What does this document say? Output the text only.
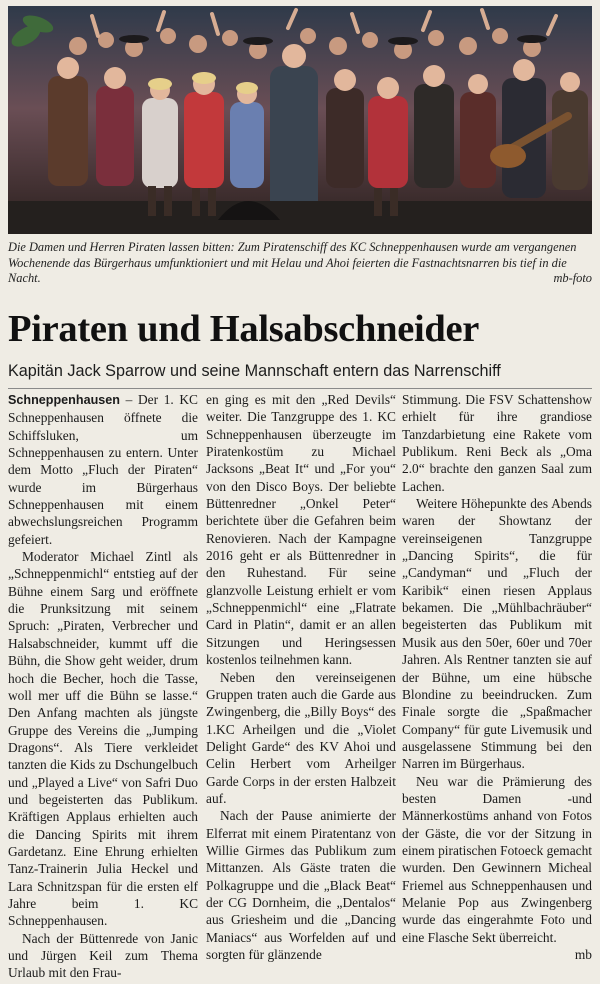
Die Damen und Herren Piraten lassen bitten: Zum Piratenschiff des KC Schneppenhausen wurde am vergangenen Wochenende das Bürgerhaus umfunktioniert und mit Helau und Ahoi feierten die Fastnachtsnarren bis tief in die Nacht.	mb-foto
Piraten und Halsabschneider
Kapitän Jack Sparrow und seine Mannschaft entern das Narrenschiff

Schneppenhausen – Der 1. KC Schneppenhausen öffnete die Schiffsluken, um Schneppenhausen zu entern. Unter dem Motto „Fluch der Piraten“ wurde im Bürgerhaus Schneppenhausen mit einem abwechslungsreichen Programm gefeiert.

Moderator Michael Zintl als „Schneppenmichl“ entstieg auf der Bühne einem Sarg und eröffnete die Prunksitzung mit seinem Spruch: „Piraten, Verbrecher und Halsabschneider, kummt uff die Bühn, die Show geht weider, drum hoch die Becher, hoch die Tasse, woll mer uff die Bühn se lasse.“ Den Anfang machten als jüngste Gruppe des Vereins die „Jumping Dragons“. Als Tiere verkleidet tanzten die Kids zu Dschungelbuch und „Played a Live“ von Safri Duo und begeisterten das Publikum. Kräftigen Applaus erhielten auch die Dancing Spirits mit ihrem Gardetanz. Eine Ehrung erhielten Tanz-Trainerin Julia Heckel und Lara Schnitzspan für die ersten elf Jahre beim 1. KC Schneppenhausen.

Nach der Büttenrede von Janic und Jürgen Keil zum Thema Urlaub mit den Frau-

en ging es mit den „Red Devils“ weiter. Die Tanzgruppe des 1. KC Schneppenhausen überzeugte im Piratenkostüm zu Michael Jacksons „Beat It“ und „For you“ von den Disco Boys. Der beliebte Büttenredner „Onkel Peter“ berichtete über die Gefahren beim Renovieren. Nach der Kampagne 2016 geht er als Büttenredner in den Ruhestand. Für seine glanzvolle Leistung erhielt er vom „Schneppenmichl“ eine „Flatrate Card in Platin“, damit er an allen Sitzungen und Heringsessen kostenlos teilnehmen kann.

Neben den vereinseigenen Gruppen traten auch die Garde aus Zwingenberg, die „Billy Boys“ des 1.KC Arheilgen und die „Violet Delight Garde“ des KV Ahoi und Celin Herbert vom Arheilger Garde Corps in der ersten Halbzeit auf.

Nach der Pause animierte der Elferrat mit einem Piratentanz von Willie Girmes das Publikum zum Mittanzen. Als Gäste traten die Polkagruppe und die „Black Beat“ der CG Dornheim, die „Dentalos“ aus Griesheim und die „Dancing Maniacs“ aus Worfelden auf und sorgten für glänzende

Stimmung. Die FSV Schattenshow erhielt für ihre grandiose Tanzdarbietung eine Rakete vom Publikum. Reni Beck als „Oma 2.0“ brachte den ganzen Saal zum Lachen.

Weitere Höhepunkte des Abends waren der Showtanz der vereinseigenen Tanzgruppe „Dancing Spirits“, die für „Candyman“ und „Fluch der Karibik“ einen riesen Applaus bekamen. Die „Mühlbachräuber“ begeisterten das Publikum mit Musik aus den 50er, 60er und 70er Jahren. Als Rentner tanzten sie auf der Bühne, um eine hübsche Blondine zu beeindrucken. Zum Finale sorgte die „Spaßmacher Company“ für gute Livemusik und ausgelassene Stimmung bei den Narren im Bürgerhaus.

Neu war die Prämierung des besten Damen -und Männerkostüms anhand von Fotos der Gäste, die vor der Sitzung in einem piratischen Fotoeck gemacht wurden. Den Gewinnern Micheal Friemel aus Schneppenhausen und Melanie Pop aus Zwingenberg wurde das eingerahmte Foto und eine Flasche Sekt überreicht.

mb
